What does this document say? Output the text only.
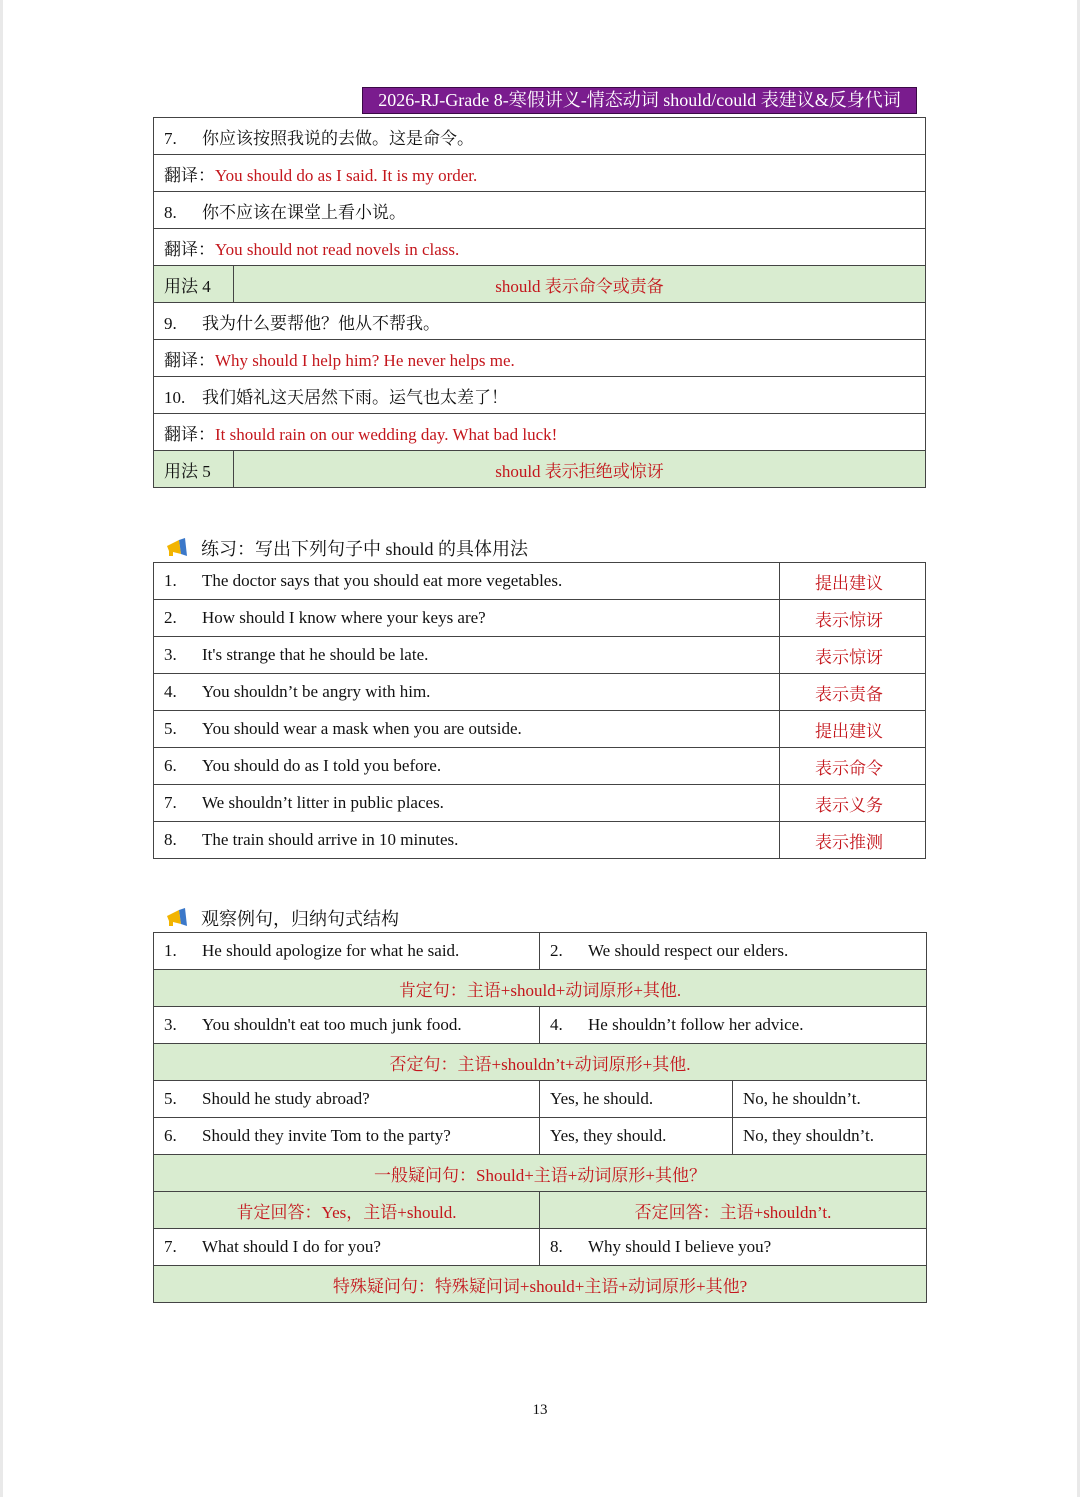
2026-RJ-Grade 8-寒假讲义-情态动词 should/could 表建议&反身代词
7. 你应该按照我说的去做。这是命令。	
翻译：You should do as I said. It is my order.	
8. 你不应该在课堂上看小说。	
翻译：You should not read novels in class.	
用法 4	should 表示命令或责备
9. 我为什么要帮他？他从不帮我。	
翻译：Why should I help him? He never helps me.	
10. 我们婚礼这天居然下雨。运气也太差了！	
翻译：It should rain on our wedding day. What bad luck!	
用法 5	should 表示拒绝或惊讶
练习：写出下列句子中 should 的具体用法
1. The doctor says that you should eat more vegetables.	提出建议
2. How should I know where your keys are?	表示惊讶
3. It's strange that he should be late.	表示惊讶
4. You shouldn’t be angry with him.	表示责备
5. You should wear a mask when you are outside.	提出建议
6. You should do as I told you before.	表示命令
7. We shouldn’t litter in public places.	表示义务
8. The train should arrive in 10 minutes.	表示推测
观察例句，归纳句式结构
1. He should apologize for what he said.	2. We should respect our elders.	
肯定句：主语+should+动词原形+其他.		
3. You shouldn't eat too much junk food.	4. He shouldn’t follow her advice.	
否定句：主语+shouldn’t+动词原形+其他.		
5. Should he study abroad?	Yes, he should.	No, he shouldn’t.
6. Should they invite Tom to the party?	Yes, they should.	No, they shouldn’t.
一般疑问句：Should+主语+动词原形+其他？		
肯定回答：Yes，主语+should.	否定回答：主语+shouldn’t.	
7. What should I do for you?	8. Why should I believe you?	
特殊疑问句：特殊疑问词+should+主语+动词原形+其他?		
13
